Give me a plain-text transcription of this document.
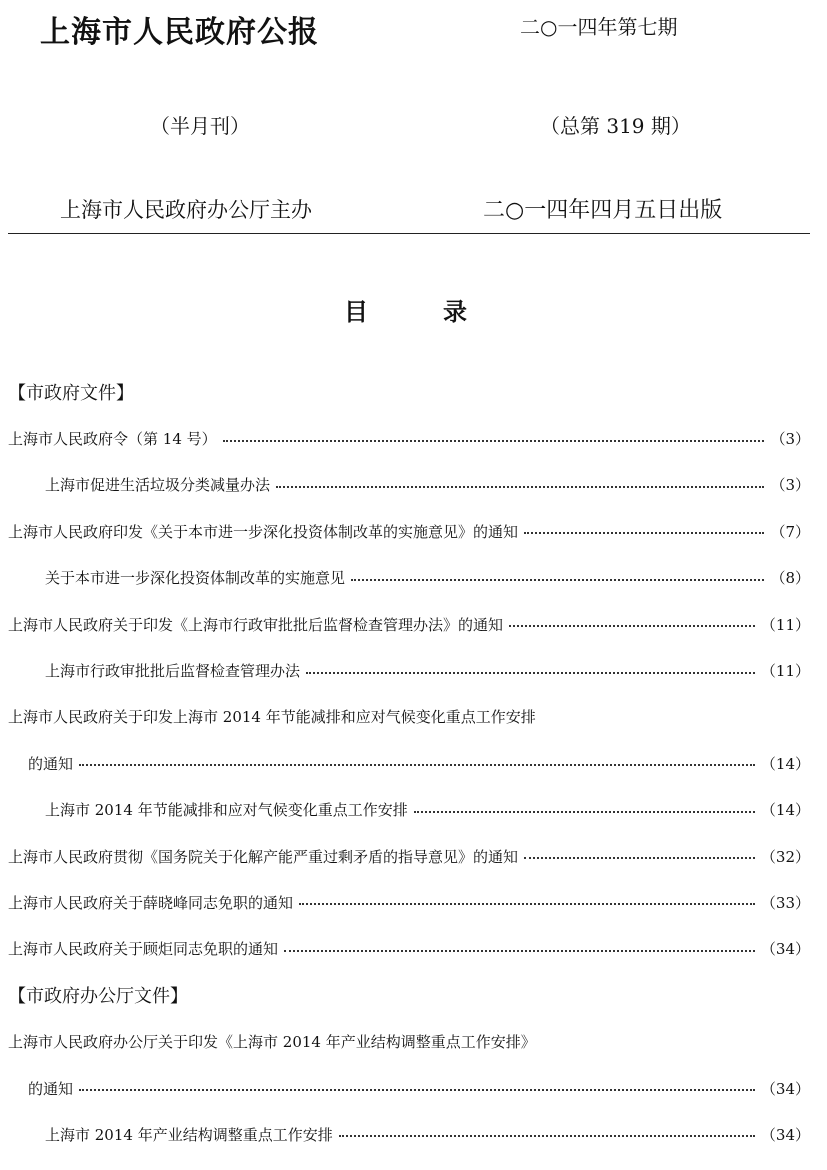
上海市人民政府公报	二○一四年第七期
（半月刊）	（总第 319 期）
上海市人民政府办公厅主办	二○一四年四月五日出版
目	录
【市政府文件】
上海市人民政府令（第 14 号）	（3）
上海市促进生活垃圾分类减量办法	（3）
上海市人民政府印发《关于本市进一步深化投资体制改革的实施意见》的通知	（7）
关于本市进一步深化投资体制改革的实施意见	（8）
上海市人民政府关于印发《上海市行政审批批后监督检查管理办法》的通知	（11）
上海市行政审批批后监督检查管理办法	（11）
上海市人民政府关于印发上海市 2014 年节能减排和应对气候变化重点工作安排
的通知	（14）
上海市 2014 年节能减排和应对气候变化重点工作安排	（14）
上海市人民政府贯彻《国务院关于化解产能严重过剩矛盾的指导意见》的通知	（32）
上海市人民政府关于薛晓峰同志免职的通知	（33）
上海市人民政府关于顾炬同志免职的通知	（34）
【市政府办公厅文件】
上海市人民政府办公厅关于印发《上海市 2014 年产业结构调整重点工作安排》
的通知	（34）
上海市 2014 年产业结构调整重点工作安排	（34）
